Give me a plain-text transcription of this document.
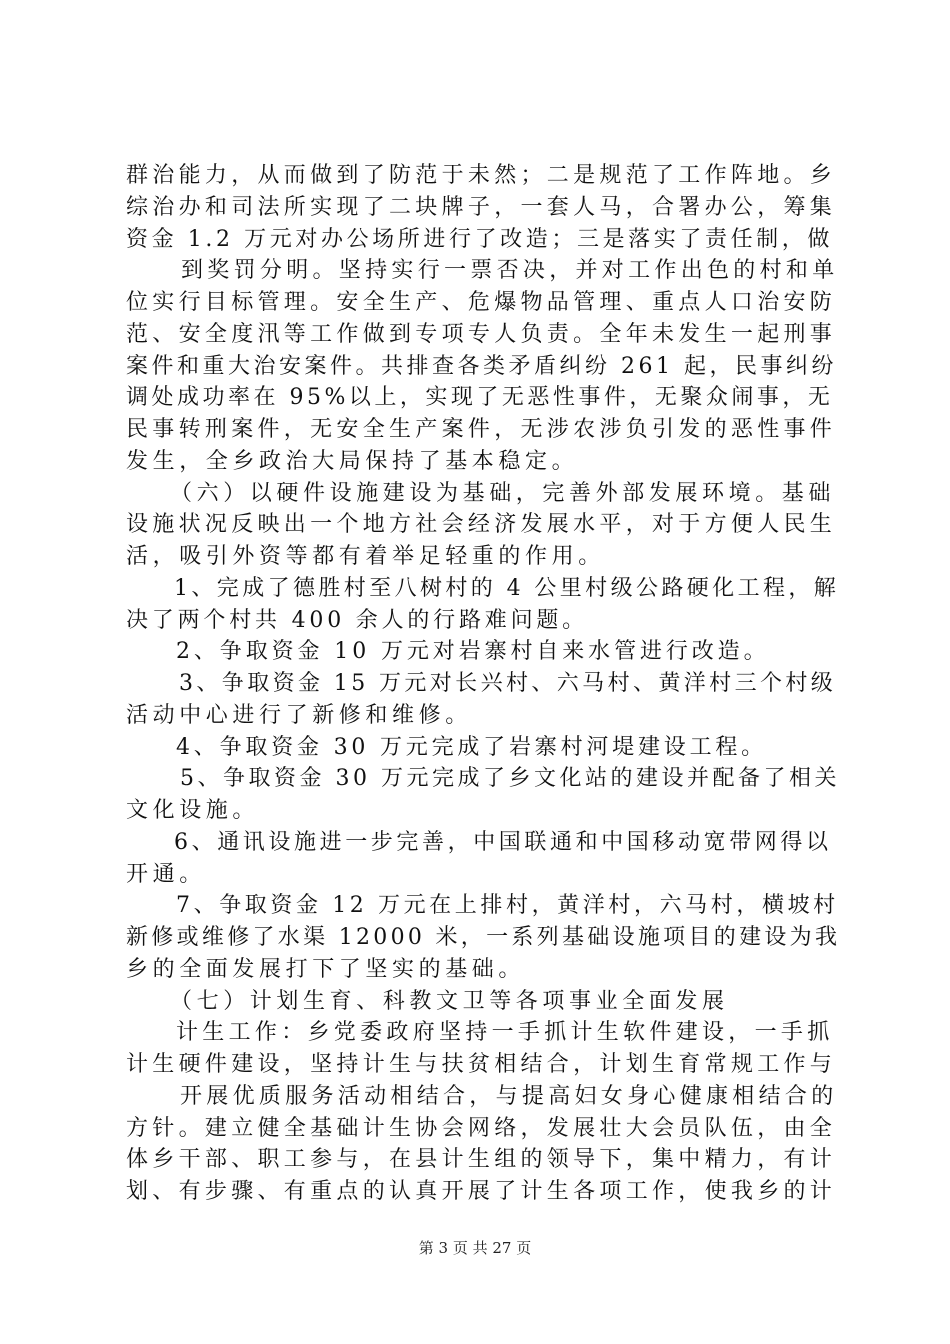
群治能力，从而做到了防范于未然；二是规范了工作阵地。乡
综治办和司法所实现了二块牌子，一套人马，合署办公，筹集
资金 1.2 万元对办公场所进行了改造；三是落实了责任制，做
到奖罚分明。坚持实行一票否决，并对工作出色的村和单
位实行目标管理。安全生产、危爆物品管理、重点人口治安防
范、安全度汛等工作做到专项专人负责。全年未发生一起刑事
案件和重大治安案件。共排查各类矛盾纠纷 261 起，民事纠纷
调处成功率在 95%以上，实现了无恶性事件，无聚众闹事，无
民事转刑案件，无安全生产案件，无涉农涉负引发的恶性事件
发生，全乡政治大局保持了基本稳定。
（六）以硬件设施建设为基础，完善外部发展环境。基础
设施状况反映出一个地方社会经济发展水平，对于方便人民生
活，吸引外资等都有着举足轻重的作用。
1、完成了德胜村至八树村的 4 公里村级公路硬化工程，解
决了两个村共 400 余人的行路难问题。
2、争取资金 10 万元对岩寨村自来水管进行改造。
3、争取资金 15 万元对长兴村、六马村、黄洋村三个村级
活动中心进行了新修和维修。
4、争取资金 30 万元完成了岩寨村河堤建设工程。
5、争取资金 30 万元完成了乡文化站的建设并配备了相关
文化设施。
6、通讯设施进一步完善，中国联通和中国移动宽带网得以
开通。
7、争取资金 12 万元在上排村，黄洋村，六马村，横坡村
新修或维修了水渠 12000 米，一系列基础设施项目的建设为我
乡的全面发展打下了坚实的基础。
（七）计划生育、科教文卫等各项事业全面发展
计生工作：乡党委政府坚持一手抓计生软件建设，一手抓
计生硬件建设，坚持计生与扶贫相结合，计划生育常规工作与
开展优质服务活动相结合，与提高妇女身心健康相结合的
方针。建立健全基础计生协会网络，发展壮大会员队伍，由全
体乡干部、职工参与，在县计生组的领导下，集中精力，有计
划、有步骤、有重点的认真开展了计生各项工作，使我乡的计
第 3 页 共 27 页
